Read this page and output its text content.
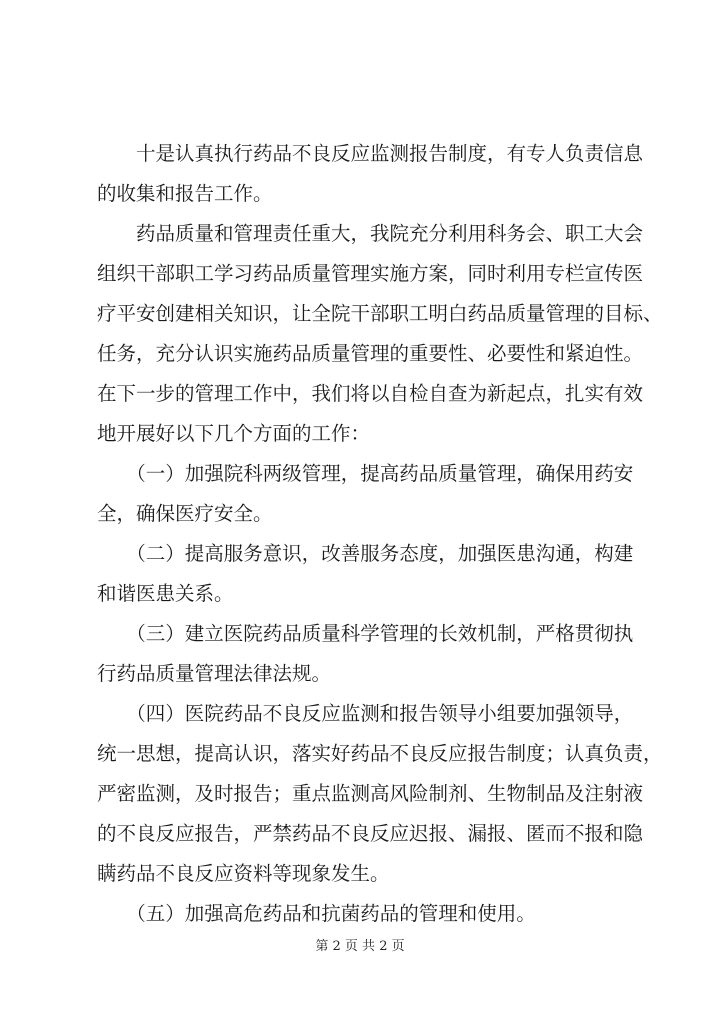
　　十是认真执行药品不良反应监测报告制度，有专人负责信息
的收集和报告工作。
　　药品质量和管理责任重大，我院充分利用科务会、职工大会
组织干部职工学习药品质量管理实施方案，同时利用专栏宣传医
疗平安创建相关知识，让全院干部职工明白药品质量管理的目标、
任务，充分认识实施药品质量管理的重要性、必要性和紧迫性。
在下一步的管理工作中，我们将以自检自查为新起点，扎实有效
地开展好以下几个方面的工作：
　　（一）加强院科两级管理，提高药品质量管理，确保用药安
全，确保医疗安全。
　　（二）提高服务意识，改善服务态度，加强医患沟通，构建
和谐医患关系。
　　（三）建立医院药品质量科学管理的长效机制，严格贯彻执
行药品质量管理法律法规。
　　（四）医院药品不良反应监测和报告领导小组要加强领导，
统一思想，提高认识，落实好药品不良反应报告制度；认真负责，
严密监测，及时报告；重点监测高风险制剂、生物制品及注射液
的不良反应报告，严禁药品不良反应迟报、漏报、匿而不报和隐
瞒药品不良反应资料等现象发生。
　　（五）加强高危药品和抗菌药品的管理和使用。
第 2 页 共 2 页
